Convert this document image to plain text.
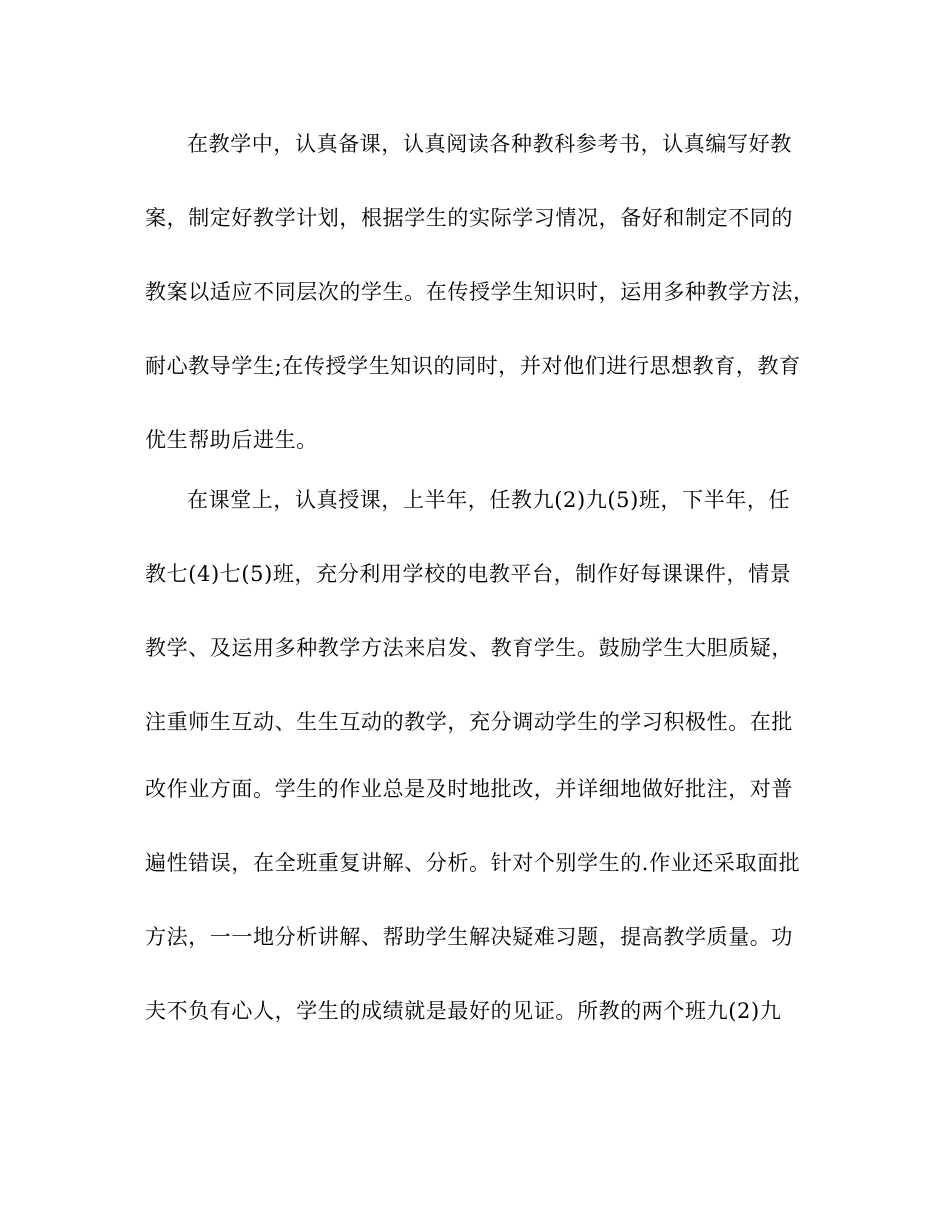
在教学中，认真备课，认真阅读各种教科参考书，认真编写好教
案，制定好教学计划，根据学生的实际学习情况，备好和制定不同的
教案以适应不同层次的学生。在传授学生知识时，运用多种教学方法，
耐心教导学生;在传授学生知识的同时，并对他们进行思想教育，教育
优生帮助后进生。
在课堂上，认真授课，上半年，任教九(2)九(5)班，下半年，任
教七(4)七(5)班，充分利用学校的电教平台，制作好每课课件，情景
教学、及运用多种教学方法来启发、教育学生。鼓励学生大胆质疑，
注重师生互动、生生互动的教学，充分调动学生的学习积极性。在批
改作业方面。学生的作业总是及时地批改，并详细地做好批注，对普
遍性错误，在全班重复讲解、分析。针对个别学生的.作业还采取面批
方法，一一地分析讲解、帮助学生解决疑难习题，提高教学质量。功
夫不负有心人，学生的成绩就是最好的见证。所教的两个班九(2)九
